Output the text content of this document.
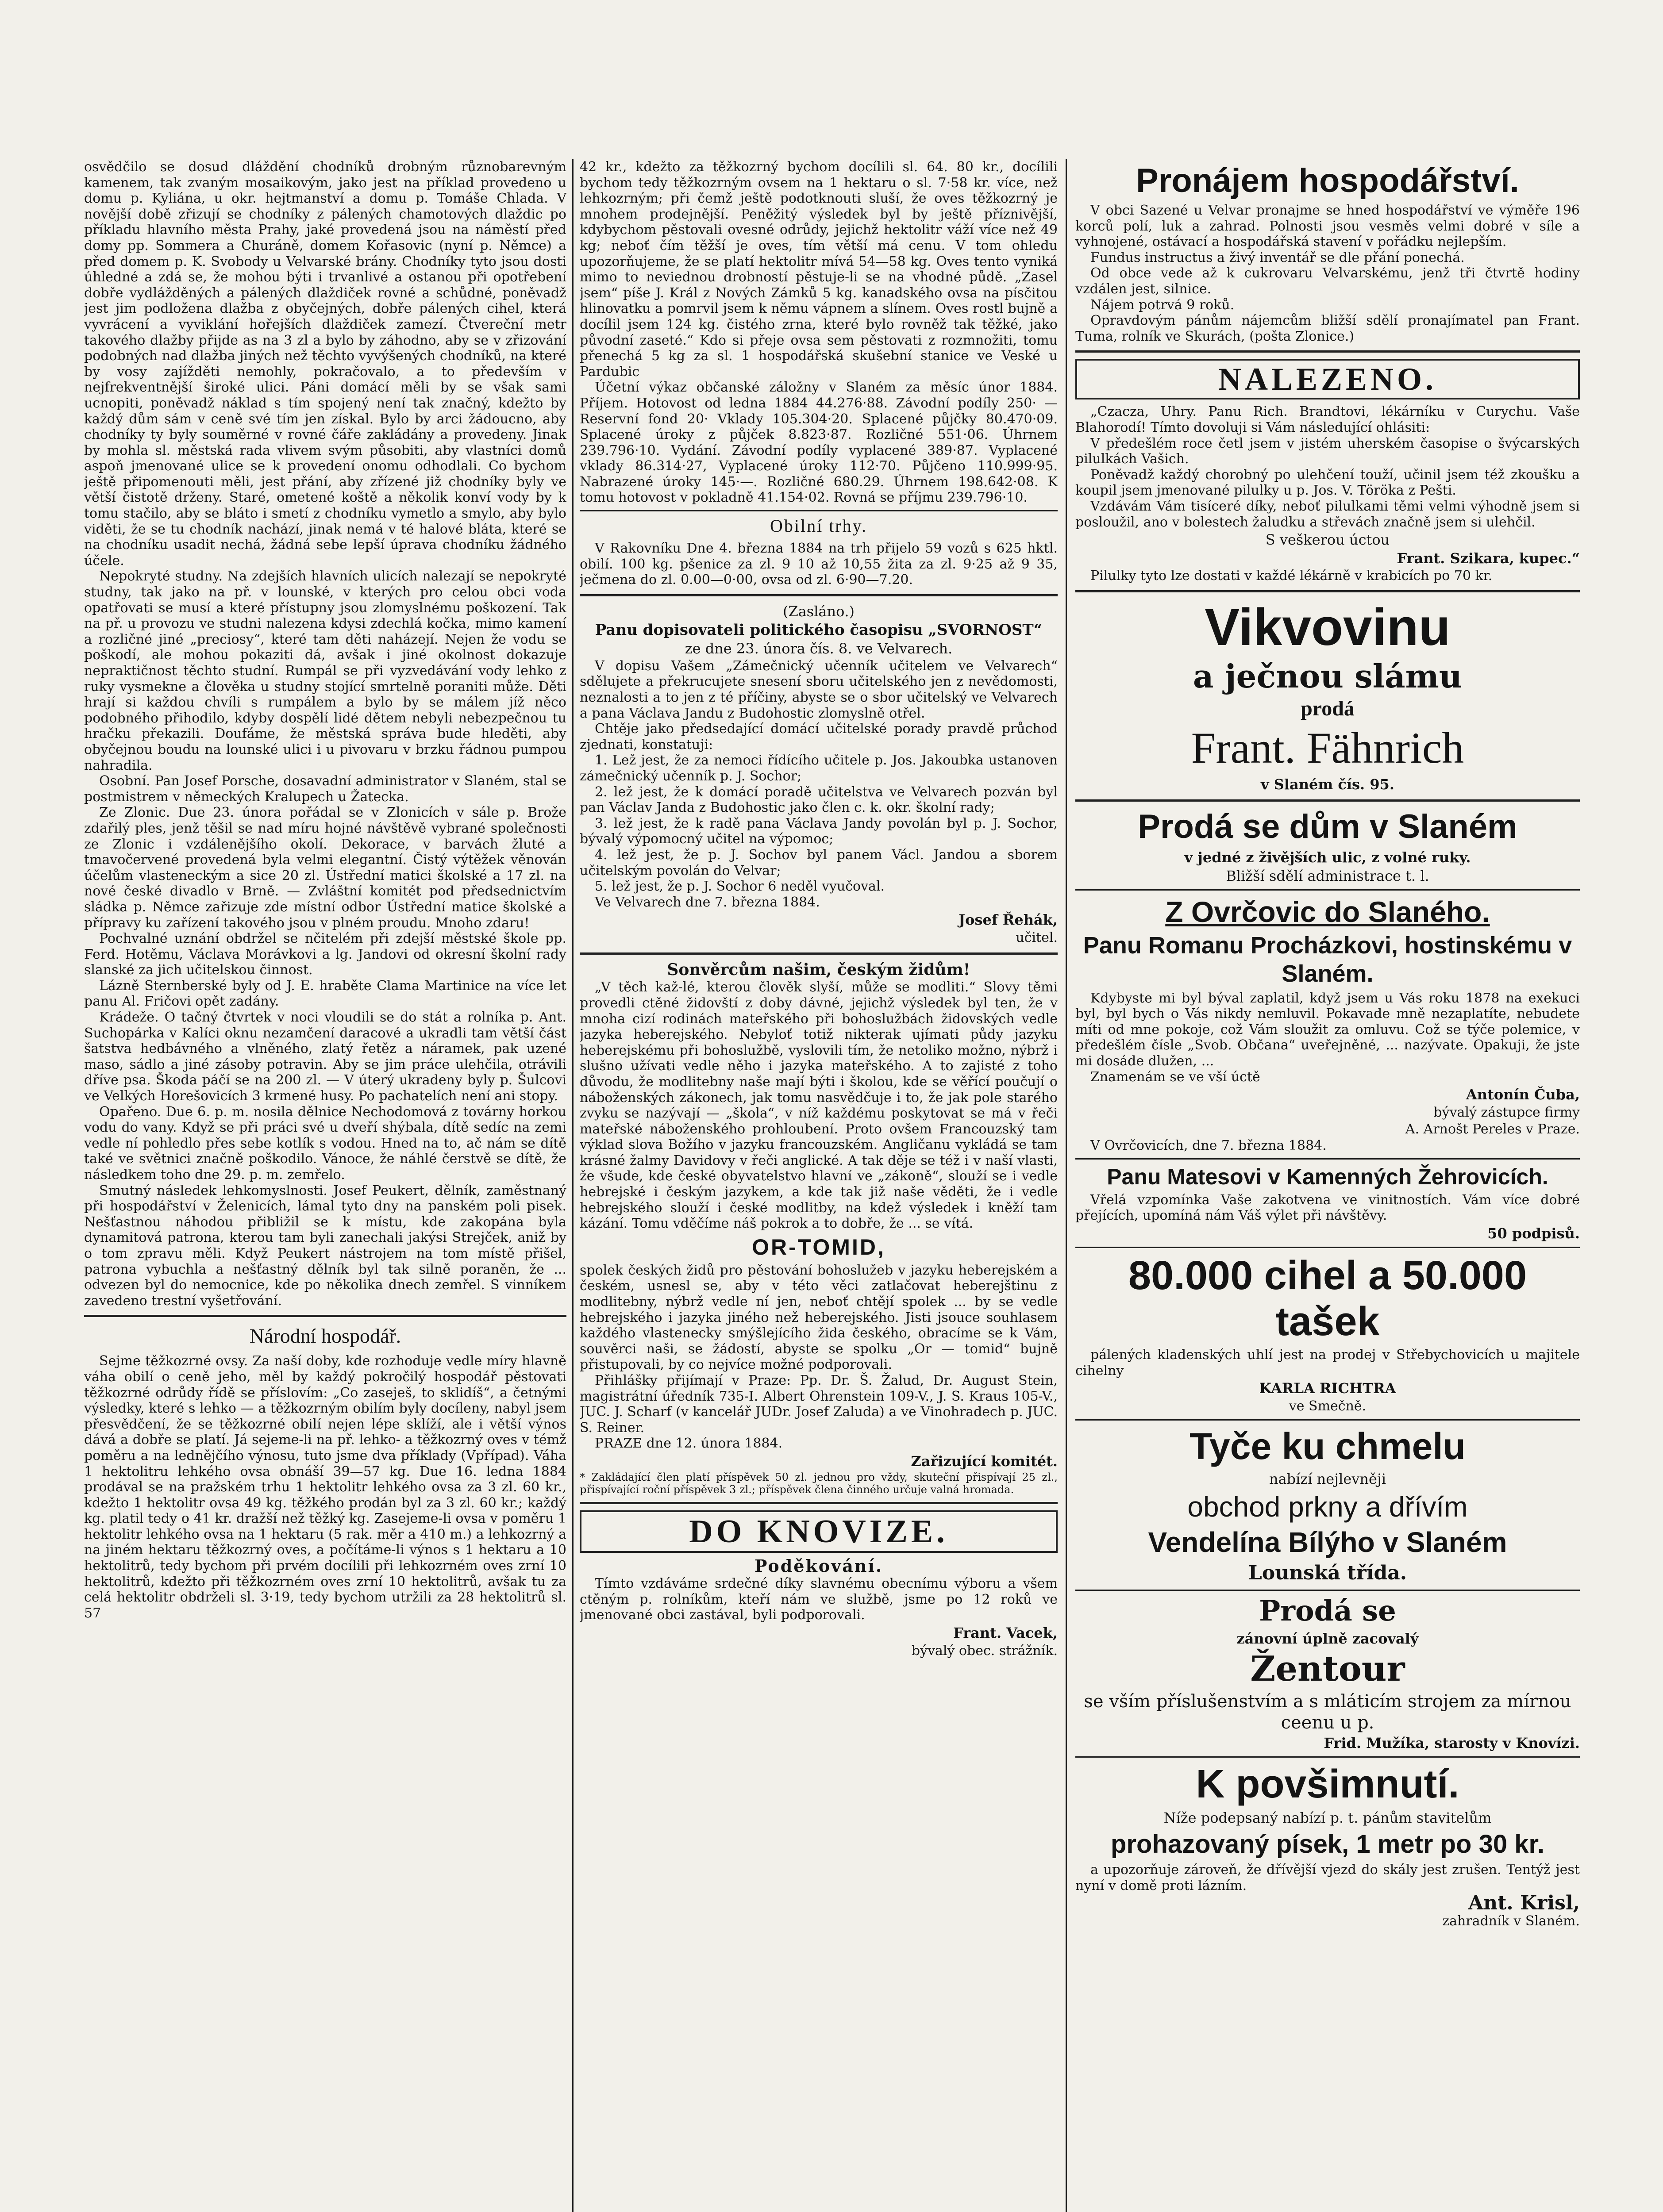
osvědčilo se dosud dláždění chodníků drobným různobarevným kamenem, tak zvaným mosaikovým, jako jest na příklad provedeno u domu p. Kyliána, u okr. hejtmanství a domu p. Tomáše Chlada. V novější době zřizují se chodníky z pálených chamotových dlaždic po příkladu hlavního města Prahy, jaké provedená jsou na náměstí před domy pp. Sommera a Churáně, domem Kořasovic (nyní p. Němce) a před domem p. K. Svobody u Velvarské brány. Chodníky tyto jsou dosti úhledné a zdá se, že mohou býti i trvanlivé a ostanou při opotřebení dobře vydlážděných a pálených dlaždiček rovné a schůdné, poněvadž jest jim podložena dlažba z obyčejných, dobře pálených cihel, která vyvrácení a vyviklání hořejších dlaždiček zamezí. Čtvereční metr takového dlažby přijde as na 3 zl a bylo by záhodno, aby se v zřizování podobných nad dlažba jiných než těchto vyvýšených chodníků, na které by vosy zajížděti nemohly, pokračovalo, a to především v nejfrekventnější široké ulici. Páni domácí měli by se však sami ucnopiti, poněvadž náklad s tím spojený není tak značný, kdežto by každý dům sám v ceně své tím jen získal. Bylo by arci žádoucno, aby chodníky ty byly souměrné v rovné čáře zakládány a provedeny. Jinak by mohla sl. městská rada vlivem svým působiti, aby vlastníci domů aspoň jmenované ulice se k provedení onomu odhodlali. Co bychom ještě připomenouti měli, jest přání, aby zřízené již chodníky byly ve větší čistotě drženy. Staré, ometené koště a několik konví vody by k tomu stačilo, aby se bláto i smetí z chodníku vymetlo a smylo, aby bylo viděti, že se tu chodník nachází, jinak nemá v té halové bláta, které se na chodníku usadit nechá, žádná sebe lepší úprava chodníku žádného účele.

Nepokryté studny. Na zdejších hlavních ulicích nalezají se nepokryté studny, tak jako na př. v lounské, v kterých pro celou obci voda opatřovati se musí a které přístupny jsou zlomyslnému poškození. Tak na př. u provozu ve studni nalezena kdysi zdechlá kočka, mimo kamení a rozličné jiné „preciosy“, které tam děti naházejí. Nejen že vodu se poškodí, ale mohou pokaziti dá, avšak i jiné okolnost dokazuje nepraktičnost těchto studní. Rumpál se při vyzvedávání vody lehko z ruky vysmekne a člověka u studny stojící smrtelně poraniti může. Děti hrají si každou chvíli s rumpálem a bylo by se málem jíž něco podobného přihodilo, kdyby dospělí lidé dětem nebyli nebezpečnou tu hračku překazili. Doufáme, že městská správa bude hleděti, aby obyčejnou boudu na lounské ulici i u pivovaru v brzku řádnou pumpou nahradila.

Osobní. Pan Josef Porsche, dosavadní administrator v Slaném, stal se postmistrem v německých Kralupech u Žatecka.

Ze Zlonic. Due 23. února pořádal se v Zlonicích v sále p. Brože zdařilý ples, jenž těšil se nad míru hojné návštěvě vybrané společnosti ze Zlonic i vzdálenějšího okolí. Dekorace, v barvách žluté a tmavočervené provedená byla velmi elegantní. Čistý výtěžek věnován účelům vlasteneckým a sice 20 zl. Ústřední matici školské a 17 zl. na nové české divadlo v Brně. — Zvláštní komitét pod předsednictvím sládka p. Němce zařizuje zde místní odbor Ústřední matice školské a přípravy ku zařízení takového jsou v plném proudu. Mnoho zdaru!

Pochvalné uznání obdržel se nčitelém při zdejší městské škole pp. Ferd. Hotěmu, Václava Morávkovi a lg. Jandovi od okresní školní rady slanské za jich učitelskou činnost.

Lázně Sternberské byly od J. E. hraběte Clama Martinice na více let panu Al. Fričovi opět zadány.

Krádeže. O tačný čtvrtek v noci vloudili se do stát a rolníka p. Ant. Suchopárka v Kalíci oknu nezamčení daracové a ukradli tam větší část šatstva hedbávného a vlněného, zlatý řetěz a náramek, pak uzené maso, sádlo a jiné zásoby potravin. Aby se jim práce ulehčila, otrávili dříve psa. Škoda páčí se na 200 zl. — V úterý ukradeny byly p. Šulcovi ve Velkých Horešovicích 3 krmené husy. Po pachatelích není ani stopy.

Opařeno. Due 6. p. m. nosila dělnice Nechodomová z továrny horkou vodu do vany. Když se při práci své u dveří shýbala, dítě sedíc na zemi vedle ní pohledlo přes sebe kotlík s vodou. Hned na to, ač nám se dítě také ve světnici značně poškodilo. Vánoce, že náhlé čerstvě se dítě, že následkem toho dne 29. p. m. zemřelo.

Smutný následek lehkomyslnosti. Josef Peukert, dělník, zaměstnaný při hospodářství v Želenicích, lámal tyto dny na panském poli pisek. Nešťastnou náhodou přibližil se k místu, kde zakopána byla dynamitová patrona, kterou tam byli zanechali jakýsi Strejček, aniž by o tom zpravu měli. Když Peukert nástrojem na tom místě přišel, patrona vybuchla a nešťastný dělník byl tak silně poraněn, že ... odvezen byl do nemocnice, kde po několika dnech zemřel. S vinníkem zavedeno trestní vyšetřování.

Národní hospodář.

Sejme těžkozrné ovsy. Za naší doby, kde rozhoduje vedle míry hlavně váha obilí o ceně jeho, měl by každý pokročilý hospodář pěstovati těžkozrné odrůdy řídě se příslovím: „Co zaseješ, to sklidíš“, a četnými výsledky, které s lehko — a těžkozrným obilím byly docíleny, nabyl jsem přesvědčení, že se těžkozrné obilí nejen lépe sklíží, ale i větší výnos dává a dobře se platí. Já sejeme-li na př. lehko- a těžkozrný oves v témž poměru a na lednějčího výnosu, tuto jsme dva příklady (Vpřípad). Váha 1 hektolitru lehkého ovsa obnáší 39—57 kg. Due 16. ledna 1884 prodával se na pražském trhu 1 hektolitr lehkého ovsa za 3 zl. 60 kr., kdežto 1 hektolitr ovsa 49 kg. těžkého prodán byl za 3 zl. 60 kr.; každý kg. platil tedy o 41 kr. dražší než těžký kg. Zasejeme-li ovsa v poměru 1 hektolitr lehkého ovsa na 1 hektaru (5 rak. měr a 410 m.) a lehkozrný a na jiném hektaru těžkozrný oves, a počítáme-li výnos s 1 hektaru a 10 hektolitrů, tedy bychom při prvém docílili při lehkozrném oves zrní 10 hektolitrů, kdežto při těžkozrném oves zrní 10 hektolitrů, avšak tu za celá hektolitr obdrželi sl. 3·19, tedy bychom utržili za 28 hektolitrů sl. 57

42 kr., kdežto za těžkozrný bychom docílili sl. 64. 80 kr., docílili bychom tedy těžkozrným ovsem na 1 hektaru o sl. 7·58 kr. více, než lehkozrným; při čemž ještě podotknouti sluší, že oves těžkozrný je mnohem prodejnější. Peněžitý výsledek byl by ještě příznivější, kdybychom pěstovali ovesné odrůdy, jejichž hektolitr váží více než 49 kg; neboť čím těžší je oves, tím větší má cenu. V tom ohledu upozorňujeme, že se platí hektolitr mívá 54—58 kg. Oves tento vyniká mimo to neviednou drobností pěstuje-li se na vhodné půdě. „Zasel jsem“ píše J. Král z Nových Zámků 5 kg. kanadského ovsa na písčitou hlinovatku a pomrvil jsem k němu vápnem a slínem. Oves rostl bujně a docílil jsem 124 kg. čistého zrna, které bylo rovněž tak těžké, jako původní zaseté.“ Kdo si přeje ovsa sem pěstovati z rozmnožiti, tomu přenechá 5 kg za sl. 1 hospodářská skušební stanice ve Veské u Pardubic

Účetní výkaz občanské záložny v Slaném za měsíc únor 1884. Příjem. Hotovost od ledna 1884 44.276·88. Závodní podíly 250· — Reservní fond 20· Vklady 105.304·20. Splacené půjčky 80.470·09. Splacené úroky z půjček 8.823·87. Rozličné 551·06. Úhrnem 239.796·10. Vydání. Závodní podíly vyplacené 389·87. Vyplacené vklady 86.314·27, Vyplacené úroky 112·70. Půjčeno 110.999·95. Nabrazené úroky 145·—. Rozličné 680.29. Úhrnem 198.642·08. K tomu hotovost v pokladně 41.154·02. Rovná se příjmu 239.796·10.

Obilní trhy.

V Rakovníku Dne 4. března 1884 na trh přijelo 59 vozů s 625 hktl. obilí. 100 kg. pšenice za zl. 9 10 až 10,55 žita za zl. 9·25 až 9 35, ječmena do zl. 0.00—0·00, ovsa od zl. 6·90—7.20.

(Zaslánо.)
Panu dopisovateli politického časopisu „SVORNOST“
ze dne 23. února čís. 8. ve Velvarech.

V dopisu Vašem „Zámečnický učenník učitelem ve Velvarech“ sdělujete a překrucujete snesení sboru učitelského jen z nevědomosti, neznalosti a to jen z té příčiny, abyste se o sbor učitelský ve Velvarech a pana Václava Jandu z Budohostic zlomyslně otřel.

Chtěje jako předsedající domácí učitelské porady pravdě průchod zjednati, konstatuji:

1. Lež jest, že za nemoci řídícího učitele p. Jos. Jakoubka ustanoven zámečnický učenník p. J. Sochor;

2. lež jest, že k domácí poradě učitelstva ve Velvarech pozván byl pan Václav Janda z Budohostic jako člen c. k. okr. školní rady;

3. lež jest, že k radě pana Václava Jandy povolán byl p. J. Sochor, bývalý výpomocný učitel na výpomoc;

4. lež jest, že p. J. Sochov byl panem Václ. Jandou a sborem učitelským povolán do Velvar;

5. lež jest, že p. J. Sochor 6 neděl vyučoval.

Ve Velvarech dne 7. března 1884.

Josef Řehák,
učitel.
Sonvěrcům našim, českým židům!

„V těch kaž-lé, kterou člověk slyší, může se modliti.“ Slovy těmi provedli ctěné židovští z doby dávné, jejichž výsledek byl ten, že v mnoha cizí rodinách mateřského při bohoslužbách židovských vedle jazyka heberejského. Nebyloť totiž nikterak ujímati půdy jazyku heberejskému při bohoslužbě, vyslovili tím, že netoliko možno, nýbrž i slušno užívati vedle něho i jazyka mateřského. A to zajisté z toho důvodu, že modlitebny naše mají býti i školou, kde se věřící poučují o náboženských zákonech, jak tomu nasvědčuje i to, že jak pole starého zvyku se nazývají — „škola“, v níž každému poskytovat se má v řeči mateřské náboženského prohloubení. Proto ovšem Francouzský tam výklad slova Božího v jazyku francouzském. Angličanu vykládá se tam krásné žalmy Davidovy v řeči anglické. A tak děje se též i v naší vlasti, že všude, kde české obyvatelstvo hlavní ve „zákoně“, slouží se i vedle hebrejské i českým jazykem, a kde tak již naše věděti, že i vedle hebrejského slouží i české modlitby, na kdež výsledek i kněží tam kázání. Tomu vděčíme náš pokrok a to dobře, že ... se vítá.

OR-TOMID,

spolek českých židů pro pěstování bohoslužeb v jazyku heberejském a českém, usnesl se, aby v této věci zatlačovat heberejštinu z modlitebny, nýbrž vedle ní jen, neboť chtějí spolek ... by se vedle hebrejského i jazyka jiného než heberejského. Jisti jsouce souhlasem každého vlastenecky smýšlejícího žida českého, obracíme se k Vám, souvěrci naši, se žádostí, abyste se spolku „Or — tomid“ bujně přistupovali, by co nejvíce možné podporovali.

Přihlášky přijímají v Praze: Pp. Dr. Š. Žalud, Dr. August Stein, magistrátní úředník 735-I. Albert Ohrenstein 109-V., J. S. Kraus 105-V., JUC. J. Scharf (v kancelář JUDr. Josef Zaluda) a ve Vinohradech p. JUC. S. Reiner.

PRAZE dne 12. února 1884.

Zařizující komitét.

* Zakládající člen platí příspěvek 50 zl. jednou pro vždy, skuteční přispívají 25 zl., přispívající roční příspěvek 3 zl.; příspěvek člena činného určuje valná hromada.

DO KNOVIZE.
Poděkování.

Tímto vzdáváme srdečné díky slavnému obecnímu výboru a všem ctěným p. rolníkům, kteří nám ve službě, jsme po 12 roků ve jmenované obci zastával, byli podporovali.

Frant. Vacek,
bývalý obec. strážník.
Pronájem hospodářství.

V obci Sazené u Velvar pronajme se hned hospodářství ve výměře 196 korců polí, luk a zahrad. Polnosti jsou vesměs velmi dobré v síle a vyhnojené, ostávací a hospodářská stavení v pořádku nejlepším.

Fundus instructus a živý inventář se dle přání ponechá.

Od obce vede až k cukrovaru Velvarskému, jenž tři čtvrtě hodiny vzdálen jest, silnice.

Nájem potrvá 9 roků.

Opravdovým pánům nájemcům bližší sdělí pronajímatel pan Frant. Tuma, rolník ve Skurách, (pošta Zlonice.)

NALEZENO.

„Czacza, Uhry. Panu Rich. Brandtovi, lékárníku v Curychu. Vaše Blahorodí! Tímto dovoluji si Vám následující ohlásiti:

V předešlém roce četl jsem v jistém uherském časopise o švýcarských pilulkách Vašich.

Poněvadž každý chorobný po ulehčení touží, učinil jsem též zkoušku a koupil jsem jmenované pilulky u p. Jos. V. Töröka z Pešti.

Vzdávám Vám tisíceré díky, neboť pilulkami těmi velmi výhodně jsem si posloužil, ano v bolestech žaludku a střevách značně jsem si ulehčil.

S veškerou úctou
Frant. Szikara, kupec.“

Pilulky tyto lze dostati v každé lékárně v krabicích po 70 kr.

Vikvovinu
a ječnou slámu
prodá
Frant. Fähnrich
v Slaném čís. 95.
Prodá se dům v Slaném
v jedné z živějších ulic, z volné ruky.
Bližší sdělí administrace t. l.
Z Ovrčovic do Slaného.
Panu Romanu Procházkovi, hostinskému v Slaném.

Kdybyste mi byl býval zaplatil, když jsem u Vás roku 1878 na exekuci byl, byl bych o Vás nikdy nemluvil. Pokavade mně nezaplatíte, nebudete míti od mne pokoje, což Vám sloužit za omluvu. Což se týče polemice, v předešlém čísle „Svob. Občana“ uveřejněné, ... nazývate. Opakuji, že jste mi dosáde dlužen, ...

Znamenám se ve vší úctě

Antonín Čuba,
bývalý zástupce firmy
A. Arnošt Pereles v Praze.

V Ovrčovicích, dne 7. března 1884.

Panu Matesovi v Kamenných Žehrovicích.

Vřelá vzpomínka Vaše zakotvena ve vinitnostích. Vám více dobré přejících, upomíná nám Váš výlet při návštěvy.

50 podpisů.
80.000 cihel a 50.000 tašek

pálených kladenských uhlí jest na prodej v Střebychovicích u majitele cihelny

KARLA RICHTRA
ve Smečně.
Tyče ku chmelu
nabízí nejlevněji
obchod prkny a dřívím
Vendelína Bílýho v Slaném
Lounská třída.
Prodá se
zánovní úplně zacovalý
Žentour
se vším příslušenstvím a s mláticím strojem za mírnou ceenu u p.
Frid. Mužíka, starosty v Knovízi.
K povšimnutí.
Níže podepsaný nabízí p. t. pánům stavitelům
prohazovaný písek, 1 metr po 30 kr.

a upozorňuje zároveň, že dřívější vjezd do skály jest zrušen. Tentýž jest nyní v domě proti lázním.

Ant. Krisl,
zahradník v Slaném.
